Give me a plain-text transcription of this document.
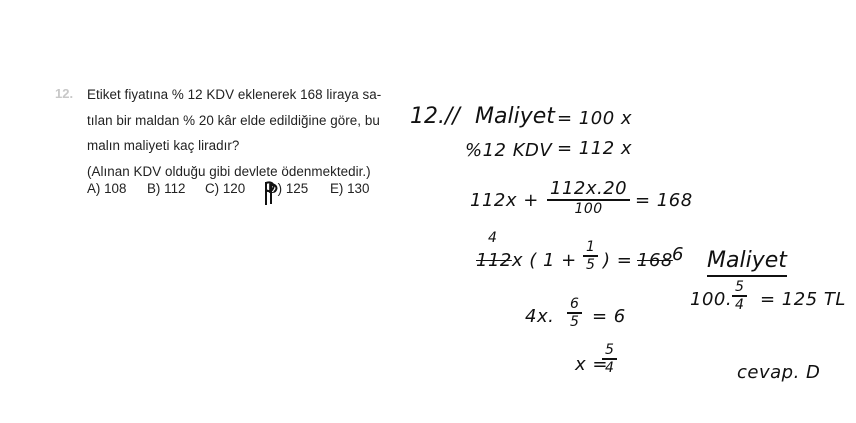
12. Etiket fiyatına % 12 KDV eklenerek 168 liraya sa-
tılan bir maldan % 20 kâr elde edildiğine göre, bu
malın maliyeti kaç liradır?
(Alınan KDV olduğu gibi devlete ödenmektedir.)
A) 108 B) 112 C) 120 D) 125 E) 130
12.// Maliyet = 100 x
%12 KDV = 112 x
$112x + \frac{112x.20}{100} = 168$
4
112x ( $1 + \frac{1}{5}$ ) = 168 6
4x. $\frac{6}{5} = 6$
x =
$\frac{5}{4}$
Maliyet
100. $\frac{5}{4} = 125$ TL
cevap. D
